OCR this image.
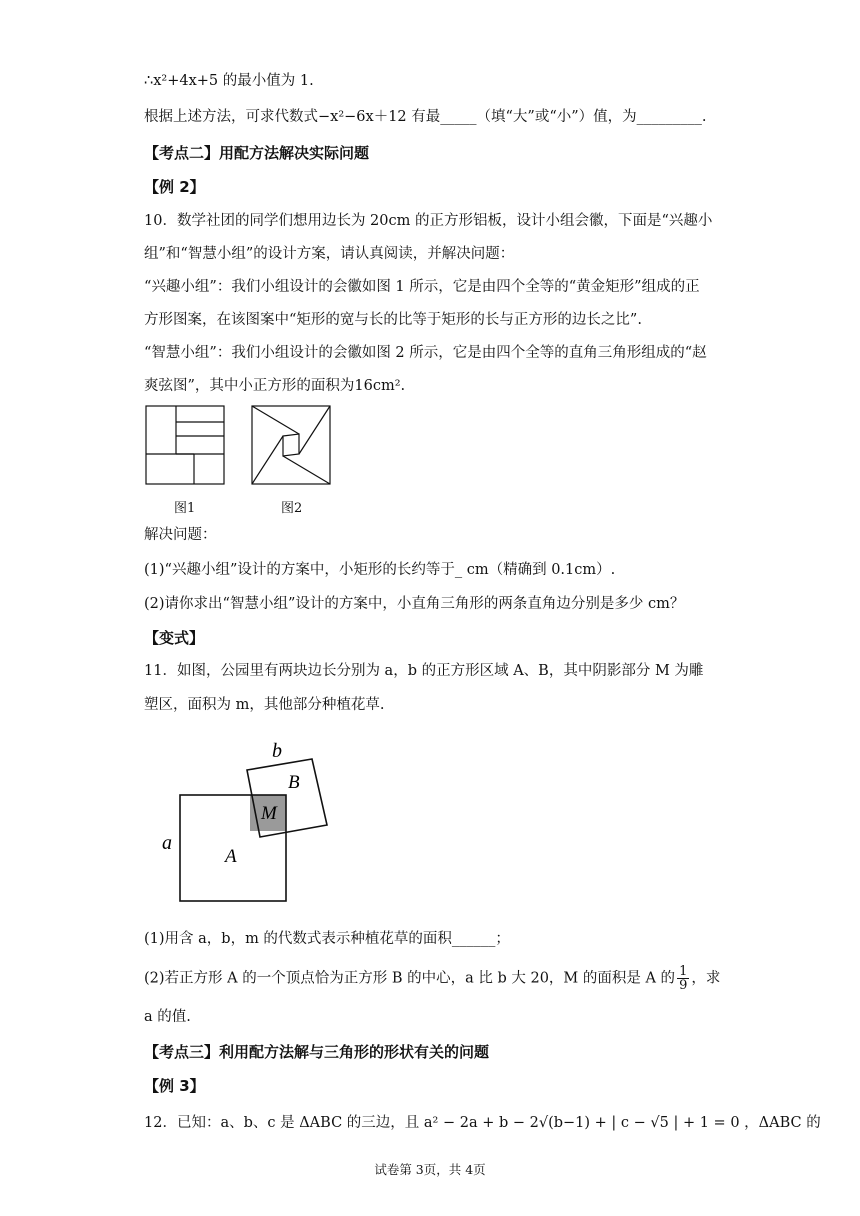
∴x²+4x+5 的最小值为 1.
根据上述方法，可求代数式−x²−6x＋12 有最_____（填“大”或“小”）值，为_________.
【考点二】用配方法解决实际问题
【例 2】
10．数学社团的同学们想用边长为 20cm 的正方形铝板，设计小组会徽，下面是“兴趣小
组”和“智慧小组”的设计方案，请认真阅读，并解决问题：
“兴趣小组”：我们小组设计的会徽如图 1 所示，它是由四个全等的“黄金矩形”组成的正
方形图案，在该图案中“矩形的宽与长的比等于矩形的长与正方形的边长之比”.
“智慧小组”：我们小组设计的会徽如图 2 所示，它是由四个全等的直角三角形组成的“赵
爽弦图”，其中小正方形的面积为16cm².
图1	图2
解决问题：
(1)“兴趣小组”设计的方案中，小矩形的长约等于_ cm（精确到 0.1cm）.
(2)请你求出“智慧小组”设计的方案中，小直角三角形的两条直角边分别是多少 cm？
【变式】
11．如图，公园里有两块边长分别为 a，b 的正方形区域 A、B，其中阴影部分 M 为雕
塑区，面积为 m，其他部分种植花草.
b
B
M
a
A
(1)用含 a，b，m 的代数式表示种植花草的面积______；
(2)若正方形 A 的一个顶点恰为正方形 B 的中心，a 比 b 大 20，M 的面积是 A 的 $\frac{1}{9}$ ，求
a 的值.
【考点三】利用配方法解与三角形的形状有关的问题
【例 3】
12．已知：a、b、c 是 ΔABC 的三边，且 a² − 2a + b − 2√(b−1) + | c − √5 | + 1 = 0 ，ΔABC 的
试卷第 3页，共 4页
